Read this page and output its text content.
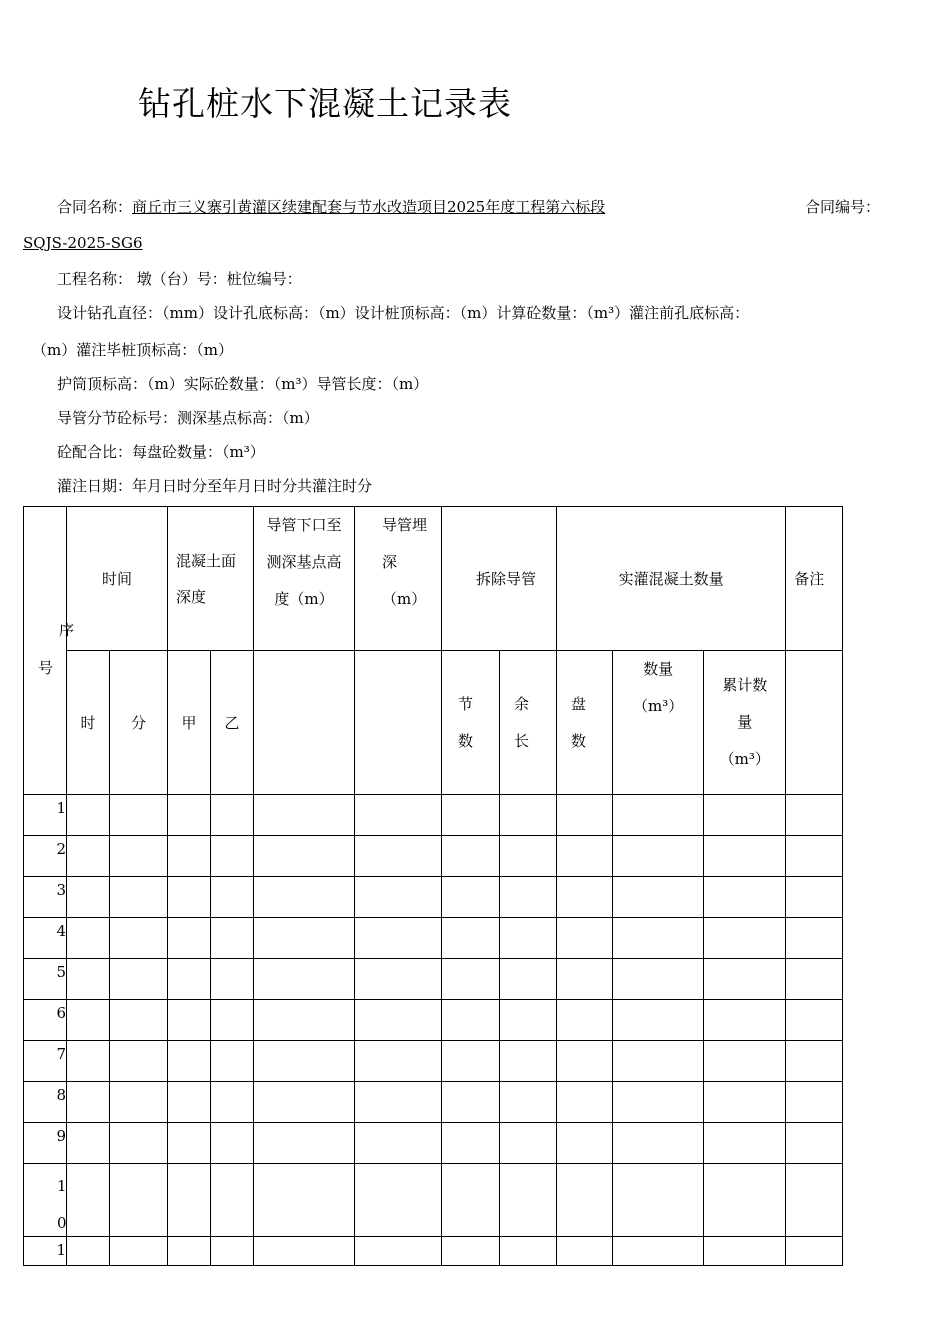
钻孔桩水下混凝土记录表
合同名称：商丘市三义寨引黄灌区续建配套与节水改造项目2025年度工程第六标段	合同编号：
SQJS-2025-SG6
工程名称： 墩（台）号：桩位编号：
设计钻孔直径：（mm）设计孔底标高：（m）设计桩顶标高：（m）计算砼数量：（m³）灌注前孔底标高：
（m）灌注毕桩顶标高：（m）
护筒顶标高：（m）实际砼数量：（m³）导管长度：（m）
导管分节砼标号：测深基点标高：（m）
砼配合比：每盘砼数量：（m³）
灌注日期：年月日时分至年月日时分共灌注时分
序
号	时间		混凝土面深度		导管下口至测深基点高度（m）	导管埋深（m）	拆除导管		实灌混凝土数量			备注
	时	分	甲	乙			节数	余长	盘数	数量（m³）	累计数量（m³）	
1												
2												
3												
4												
5												
6												
7												
8												
9												

10												

1												
